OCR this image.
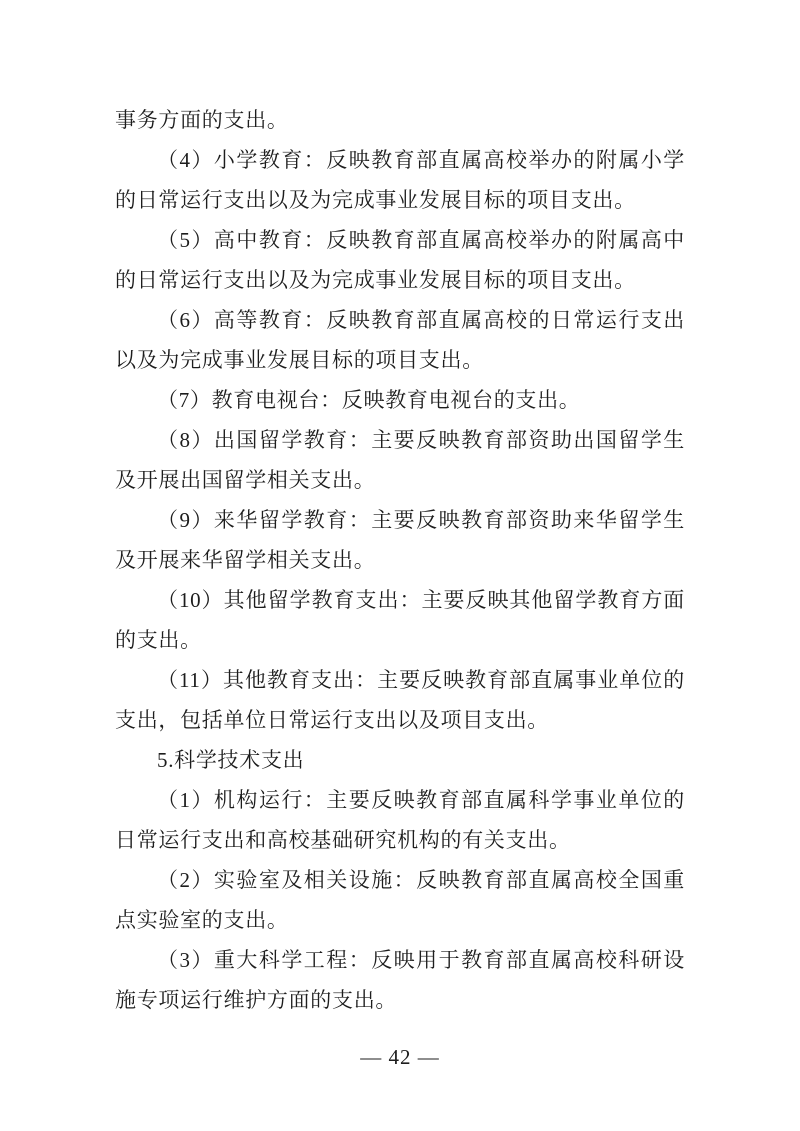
事务方面的支出。

（4）小学教育：反映教育部直属高校举办的附属小学的日常运行支出以及为完成事业发展目标的项目支出。

（5）高中教育：反映教育部直属高校举办的附属高中的日常运行支出以及为完成事业发展目标的项目支出。

（6）高等教育：反映教育部直属高校的日常运行支出以及为完成事业发展目标的项目支出。

（7）教育电视台：反映教育电视台的支出。

（8）出国留学教育：主要反映教育部资助出国留学生及开展出国留学相关支出。

（9）来华留学教育：主要反映教育部资助来华留学生及开展来华留学相关支出。

（10）其他留学教育支出：主要反映其他留学教育方面的支出。

（11）其他教育支出：主要反映教育部直属事业单位的支出，包括单位日常运行支出以及项目支出。

5.科学技术支出

（1）机构运行：主要反映教育部直属科学事业单位的日常运行支出和高校基础研究机构的有关支出。

（2）实验室及相关设施：反映教育部直属高校全国重点实验室的支出。

（3）重大科学工程：反映用于教育部直属高校科研设施专项运行维护方面的支出。

— 42 —
